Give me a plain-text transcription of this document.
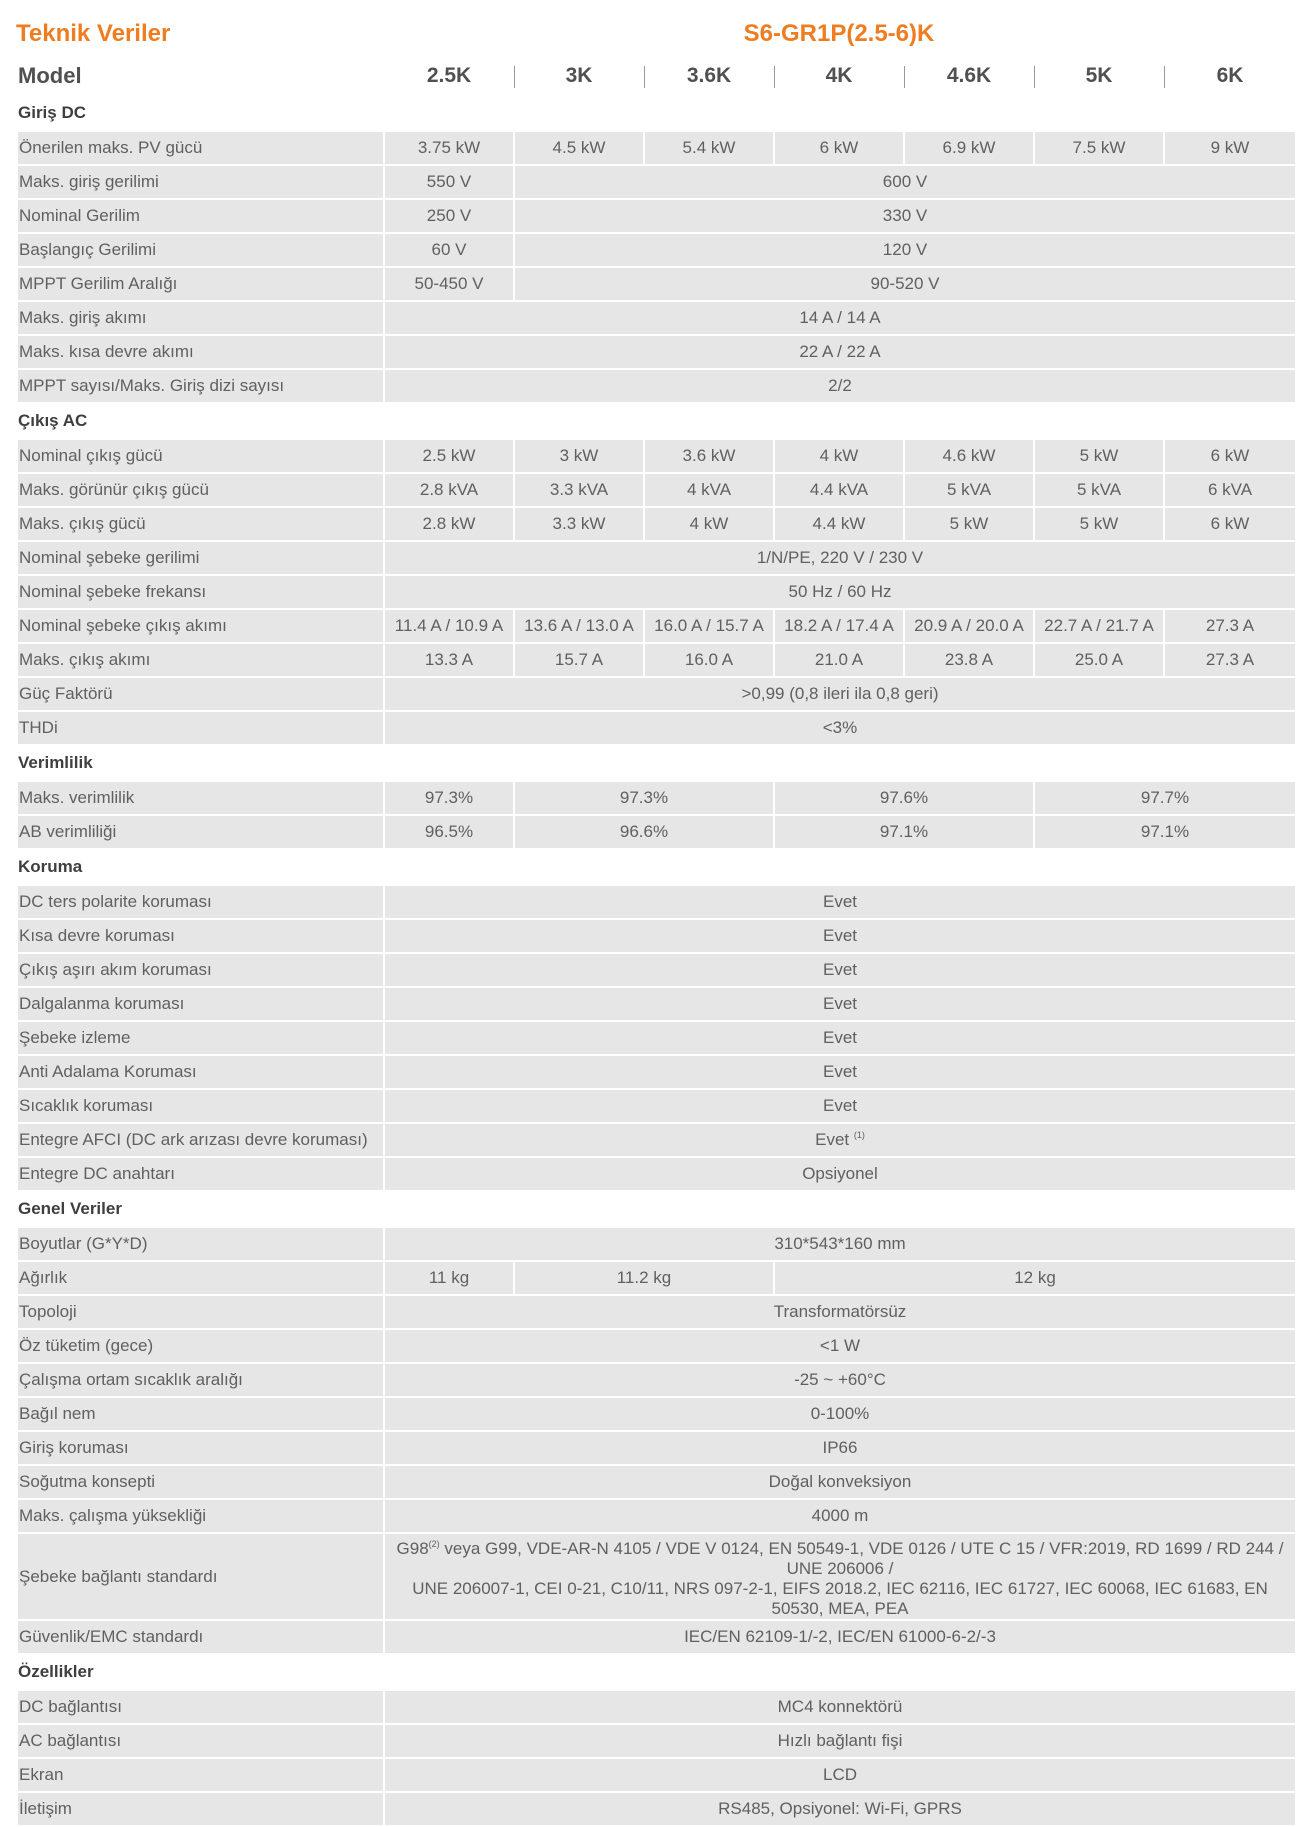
Teknik Veriler	S6-GR1P(2.5-6)K
Model	2.5K	3K	3.6K	4K	4.6K	5K	6K
Giriş DC							
Önerilen maks. PV gücü	3.75 kW	4.5 kW	5.4 kW	6 kW	6.9 kW	7.5 kW	9 kW
Maks. giriş gerilimi	550 V	600 V					
Nominal Gerilim	250 V	330 V					
Başlangıç Gerilimi	60 V	120 V					
MPPT Gerilim Aralığı	50-450 V	90-520 V					
Maks. giriş akımı	14 A / 14 A						
Maks. kısa devre akımı	22 A / 22 A						
MPPT sayısı/Maks. Giriş dizi sayısı	2/2						
Çıkış AC							
Nominal çıkış gücü	2.5 kW	3 kW	3.6 kW	4 kW	4.6 kW	5 kW	6 kW
Maks. görünür çıkış gücü	2.8 kVA	3.3 kVA	4 kVA	4.4 kVA	5 kVA	5 kVA	6 kVA
Maks. çıkış gücü	2.8 kW	3.3 kW	4 kW	4.4 kW	5 kW	5 kW	6 kW
Nominal şebeke gerilimi	1/N/PE, 220 V / 230 V						
Nominal şebeke frekansı	50 Hz / 60 Hz						
Nominal şebeke çıkış akımı	11.4 A / 10.9 A	13.6 A / 13.0 A	16.0 A / 15.7 A	18.2 A / 17.4 A	20.9 A / 20.0 A	22.7 A / 21.7 A	27.3 A
Maks. çıkış akımı	13.3 A	15.7 A	16.0 A	21.0 A	23.8 A	25.0 A	27.3 A
Güç Faktörü	>0,99 (0,8 ileri ila 0,8 geri)						
THDi	<3%						
Verimlilik							
Maks. verimlilik	97.3%	97.3%		97.6%		97.7%	
AB verimliliği	96.5%	96.6%		97.1%		97.1%	
Koruma							
DC ters polarite koruması	Evet						
Kısa devre koruması	Evet						
Çıkış aşırı akım koruması	Evet						
Dalgalanma koruması	Evet						
Şebeke izleme	Evet						
Anti Adalama Koruması	Evet						
Sıcaklık koruması	Evet						
Entegre AFCI (DC ark arızası devre koruması)	Evet $^{(1)}$
Entegre DC anahtarı	Opsiyonel						
Genel Veriler							
Boyutlar (G*Y*D)	310*543*160 mm						
Ağırlık	11 kg	11.2 kg		12 kg			
Topoloji	Transformatörsüz						
Öz tüketim (gece)	<1 W						
Çalışma ortam sıcaklık aralığı	-25 ~ +60°C						
Bağıl nem	0-100%						
Giriş koruması	IP66						
Soğutma konsepti	Doğal konveksiyon						
Maks. çalışma yüksekliği	4000 m						
Şebeke bağlantı standardı	G98$^{(2)}$ veya G99, VDE-AR-N 4105 / VDE V 0124, EN 50549-1, VDE 0126 / UTE C 15 / VFR:2019, RD 1699 / RD 244 / UNE 206006 /
UNE 206007-1, CEI 0-21, C10/11, NRS 097-2-1, EIFS 2018.2, IEC 62116, IEC 61727, IEC 60068, IEC 61683, EN 50530, MEA, PEA						

Güvenlik/EMC standardı	IEC/EN 62109-1/-2, IEC/EN 61000-6-2/-3						
Özellikler							
DC bağlantısı	MC4 konnektörü						
AC bağlantısı	Hızlı bağlantı fişi						
Ekran	LCD						
İletişim	RS485, Opsiyonel: Wi-Fi, GPRS						
